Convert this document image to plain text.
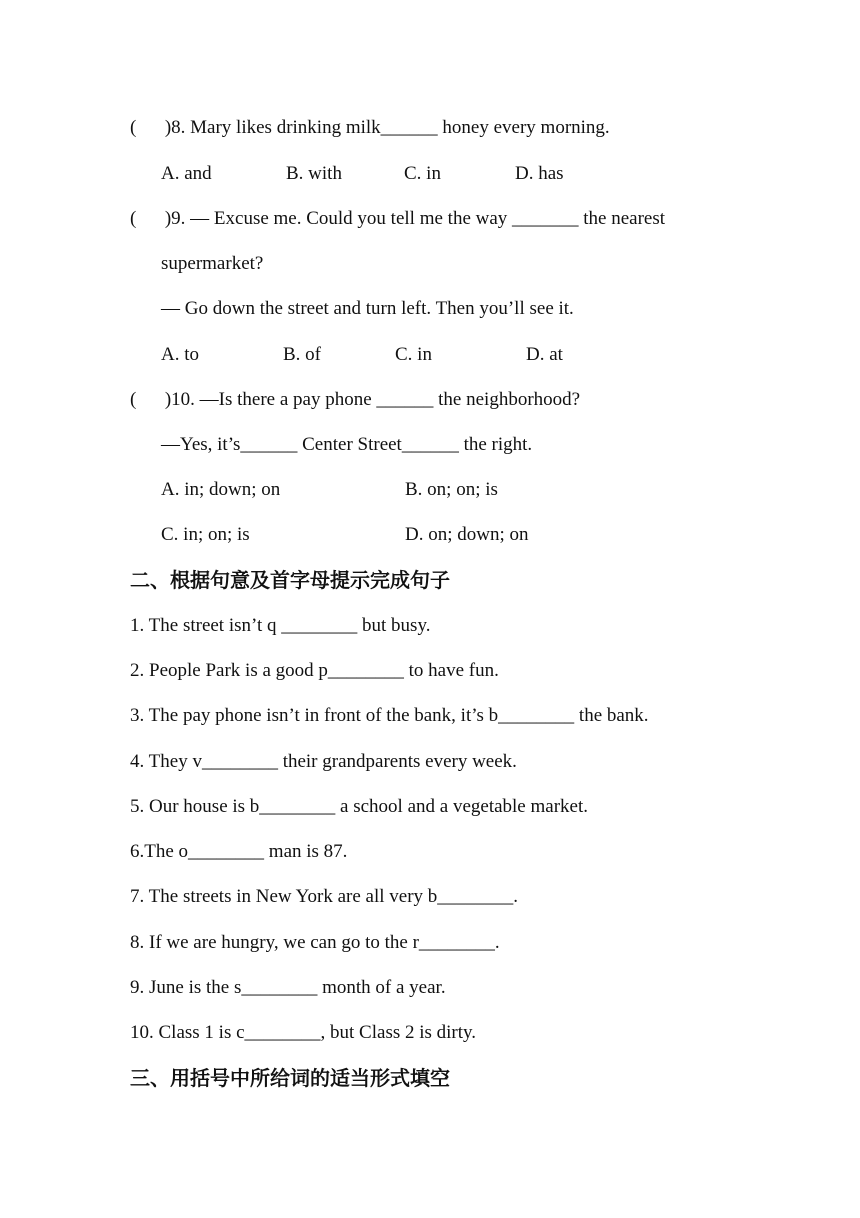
(      )8. Mary likes drinking milk______ honey every morning.
A. and	B. with	C. in	D. has
(      )9. — Excuse me. Could you tell me the way _______ the nearest
supermarket?
— Go down the street and turn left. Then you’ll see it.
A. to	B. of	C. in	D. at
(      )10. —Is there a pay phone ______ the neighborhood?
—Yes, it’s______ Center Street______ the right.
A. in; down; on	B. on; on; is
C. in; on; is	D. on; down; on
二、根据句意及首字母提示完成句子
1. The street isn’t q ________ but busy.
2. People Park is a good p________ to have fun.
3. The pay phone isn’t in front of the bank, it’s b________ the bank.
4. They v________ their grandparents every week.
5. Our house is b________ a school and a vegetable market.
6.The o________ man is 87.
7. The streets in New York are all very b________.
8. If we are hungry, we can go to the r________.
9. June is the s________ month of a year.
10. Class 1 is c________, but Class 2 is dirty.
三、用括号中所给词的适当形式填空
